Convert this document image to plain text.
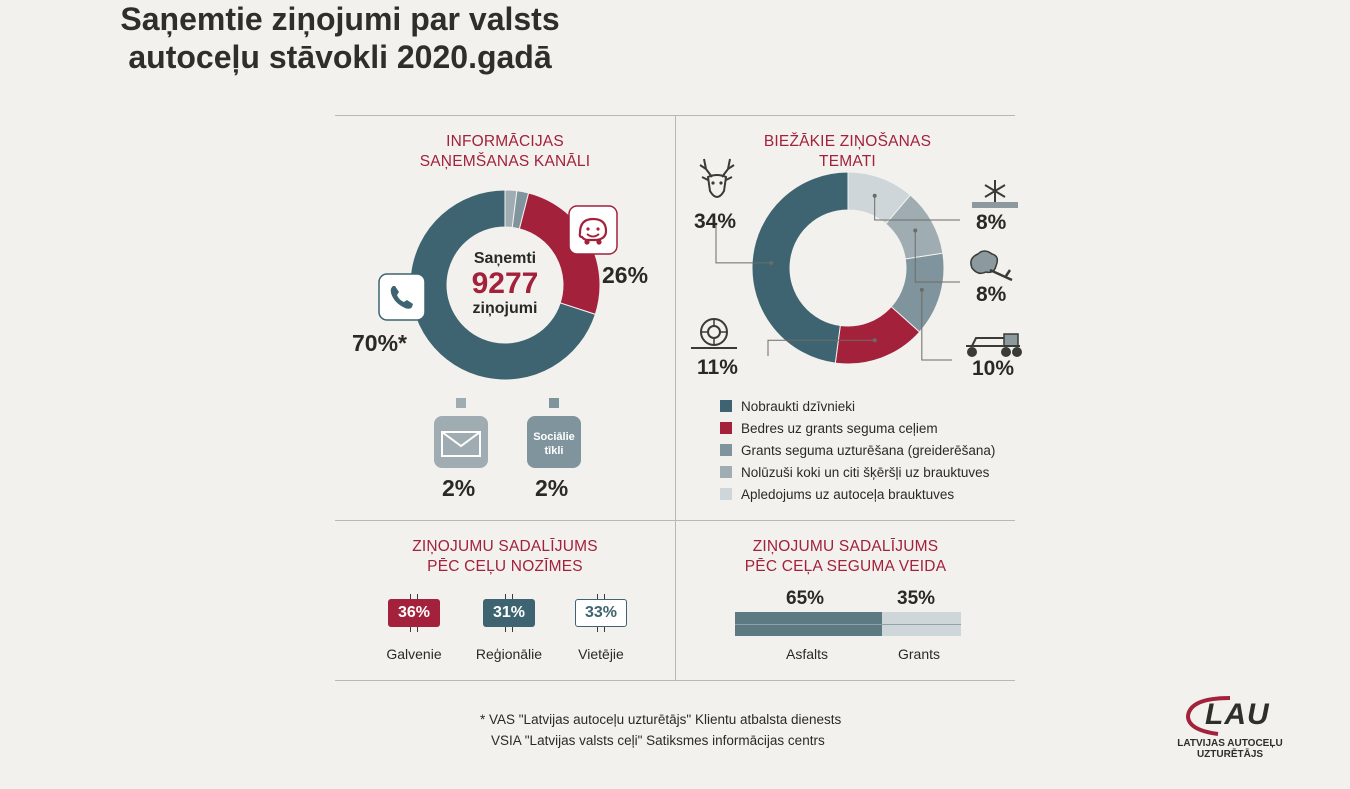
Saņemtie ziņojumi par valsts
autoceļu stāvokli 2020.gadā
INFORMĀCIJAS
SAŅEMŠANAS KANĀLI
Saņemti
9277
ziņojumi
70%*
26%
2%
Sociālie
tīkli
2%
BIEŽĀKIE ZIŅOŠANAS
TEMATI
34%
11%	10%
8%
8%
Nobraukti dzīvnieki
Bedres uz grants seguma ceļiem
Grants seguma uzturēšana (greiderēšana)
Nolūzuši koki un citi šķēršļi uz brauktuves
Apledojums uz autoceļa brauktuves
ZIŅOJUMU SADALĪJUMS
PĒC CEĻU NOZĪMES
36%
Galvenie
31%
Reģionālie
33%
Vietējie
ZIŅOJUMU SADALĪJUMS
PĒC CEĻA SEGUMA VEIDA
65%	35%
Asfalts	Grants
* VAS "Latvijas autoceļu uzturētājs" Klientu atbalsta dienests
VSIA "Latvijas valsts ceļi" Satiksmes informācijas centrs
LAU
LATVIJAS AUTOCEĻU UZTURĒTĀJS
